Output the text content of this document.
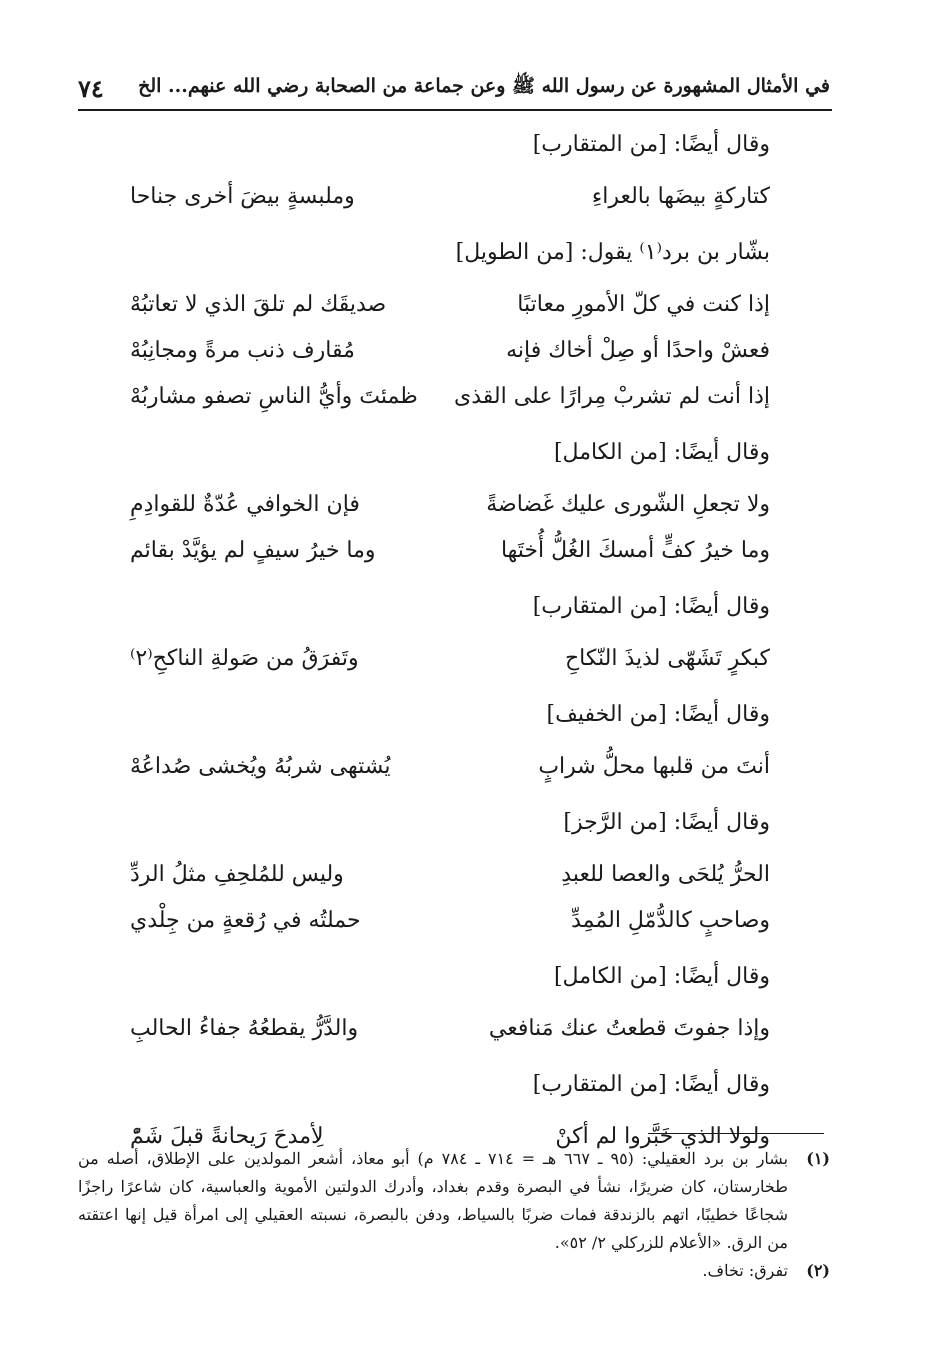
٧٤ في الأمثال المشهورة عن رسول الله ﷺ وعن جماعة من الصحابة رضي الله عنهم... الخ
وقال أيضًا: [من المتقارب]
كتاركةٍ بيضَها بالعراءِ
وملبسةٍ بيضَ أخرى جناحا
بشّار بن برد⁽١⁾ يقول: [من الطويل]
إذا كنت في كلّ الأمورِ معاتبًا
صديقَك لم تلقَ الذي لا تعاتبُهْ
فعشْ واحدًا أو صِلْ أخاك فإنه
مُقارف ذنب مرةً ومجانِبُهْ
إذا أنت لم تشربْ مِرارًا على القذى
ظمئتَ وأيُّ الناسِ تصفو مشاربُهْ
وقال أيضًا: [من الكامل]
ولا تجعلِ الشّورى عليك غَضاضةً
فإن الخوافي عُدّةٌ للقوادِمِ
وما خيرُ كفٍّ أمسكَ الغُلُّ أُختَها
وما خيرُ سيفٍ لم يؤيَّدْ بقائم
وقال أيضًا: [من المتقارب]
كبكرٍ تَشَهّى لذيذَ النّكاحِ
وتَفرَقُ من صَولةِ الناكحِ⁽٢⁾
وقال أيضًا: [من الخفيف]
أنتَ من قلبها محلُّ شرابٍ
يُشتهى شربُهُ ويُخشى صُداعُهْ
وقال أيضًا: [من الرَّجز]
الحرُّ يُلحَى والعصا للعبدِ
وليس للمُلحِفِ مثلُ الردِّ
وصاحبٍ كالدُّمّلِ المُمِدِّ
حملتُه في رُقعةٍ من جِلْدي
وقال أيضًا: [من الكامل]
وإذا جفوتَ قطعتُ عنك مَنافعي
والدَّرُّ يقطعُهُ جفاءُ الحالبِ
وقال أيضًا: [من المتقارب]
ولولا الذي خَبَّروا لم أكنْ
لِأمدحَ رَيحانةً قبلَ شَمّْ
(١)
بشار بن برد العقيلي: (٩٥ ـ ٦٦٧ هـ = ٧١٤ ـ ٧٨٤ م) أبو معاذ، أشعر المولدين على الإطلاق، أصله من طخارستان، كان ضريرًا، نشأ في البصرة وقدم بغداد، وأدرك الدولتين الأموية والعباسية، كان شاعرًا راجزًا شجاعًا خطيبًا، اتهم بالزندقة فمات ضربًا بالسياط، ودفن بالبصرة، نسبته العقيلي إلى امرأة قيل إنها اعتقته من الرق. «الأعلام للزركلي ٢/ ٥٢».
(٢)
تفرق: تخاف.
